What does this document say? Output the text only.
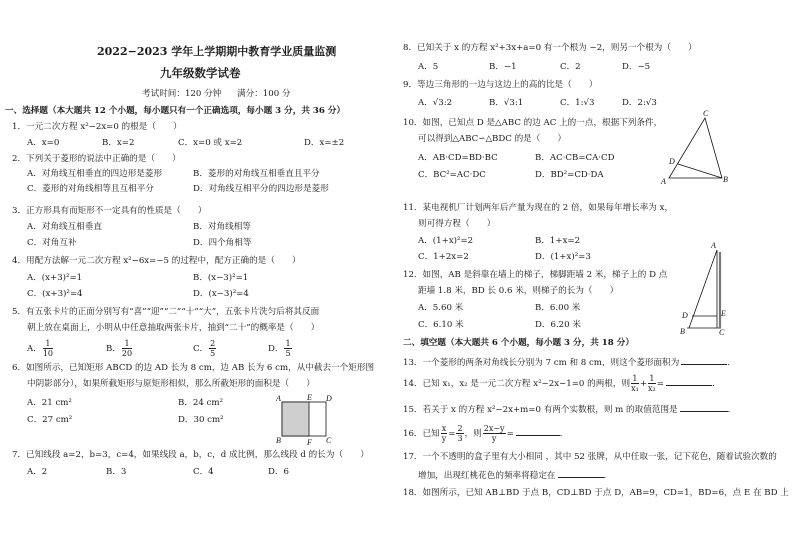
2022−2023 学年上学期期中教育学业质量监测
九年级数学试卷
考试时间：120 分钟 满分：100 分
一、选择题（本大题共 12 个小题，每小题只有一个正确选项，每小题 3 分，共 36 分）
1．一元二次方程 x²−2x=0 的根是（　　）
A．x=0	B．x=2	C．x=0 或 x=2	D．x=±2
2．下列关于菱形的说法中正确的是（　　）
A．对角线互相垂直的四边形是菱形	B．菱形的对角线互相垂直且平分
C．菱形的对角线相等且互相平分	D．对角线互相平分的四边形是菱形
3．正方形具有而矩形不一定具有的性质是（　　）
A．对角线互相垂直	B．对角线相等
C．对角互补	D．四个角相等
4．用配方法解一元二次方程 x²−6x=−5 的过程中，配方正确的是（　　）
A．(x+3)²=1	B．(x−3)²=1
C．(x+3)²=4	D．(x−3)²=4
5．有五张卡片的正面分别写有“喜”“迎”“二”“十”“大”，五张卡片洗匀后将其反面
朝上放在桌面上，小明从中任意抽取两张卡片，抽到“二十”的概率是（　　）
A． $\frac{1}{10}$	B． $\frac{1}{20}$	C． $\frac{2}{5}$	D． $\frac{1}{5}$
6．如图所示，已知矩形 ABCD 的边 AD 长为 8 cm，边 AB 长为 6 cm，从中截去一个矩形图
中阴影部分），如果所截矩形与原矩形相似，那么所截矩形的面积是（　　）
A．21 cm²	B．24 cm²
C．27 cm²	D．30 cm²
A	E D
B	F C
7．已知线段 a=2，b=3，c=4，如果线段 a，b，c，d 成比例，那么线段 d 的长为（　　）
A．2	B．3	C．4	D．6
8．已知关于 x 的方程 x²+3x+a=0 有一个根为 −2，则另一个根为（　　）
A．5	B．−1	C．2	D．−5
9．等边三角形的一边与这边上的高的比是（　　）
A．√3:2	B．√3:1	C．1:√3	D．2:√3
10．如图，已知点 D 是△ABC 的边 AC 上的一点，根据下列条件，
可以得到△ABC∽△BDC 的是（　　）
A．AB·CD=BD·BC	B．AC·CB=CA·CD
C．BC²=AC·DC	D．BD²=CD·DA
C
D
A	B
11．某电视机厂计划两年后产量为现在的 2 倍，如果每年增长率为 x，
则可得方程（　　）
A．(1+x)²=2	B．1+x=2
C．1+2x=2	D．(1+x)²=3
12．如图，AB 是斜靠在墙上的梯子，梯脚距墙 2 米，梯子上的 D 点
距墙 1.8 米，BD 长 0.6 米，则梯子的长为（　　）
A．5.60 米	B．6.00 米
C．6.10 米	D．6.20 米
A
D	E
B	C
二、填空题（本大题共 6 个小题，每小题 3 分，共 18 分）
13．一个菱形的两条对角线长分别为 7 cm 和 8 cm，则这个菱形面积为	．
14．已知 x₁，x₂ 是一元二次方程 x²−2x−1=0 的两根，则 $\frac{1}{\text{x₁}} + \frac{1}{\text{x₂}}$ =	．
15．若关于 x 的方程 x²−2x+m=0 有两个实数根，则 m 的取值范围是	．
16．已知 $\frac{x}{y} = \frac{2}{3}$ ，则 $\frac{2x-y}{y}$ =	．
17．一个不透明的盒子里有大小相同 ，其中 52 张牌，从中任取一张，记下花色，随着试验次数的
增加，出现红桃花色的频率将稳定在	．
18．如图所示，已知 AB⊥BD 于点 B，CD⊥BD 于点 D，AB=9，CD=1，BD=6，点 E 在 BD 上
